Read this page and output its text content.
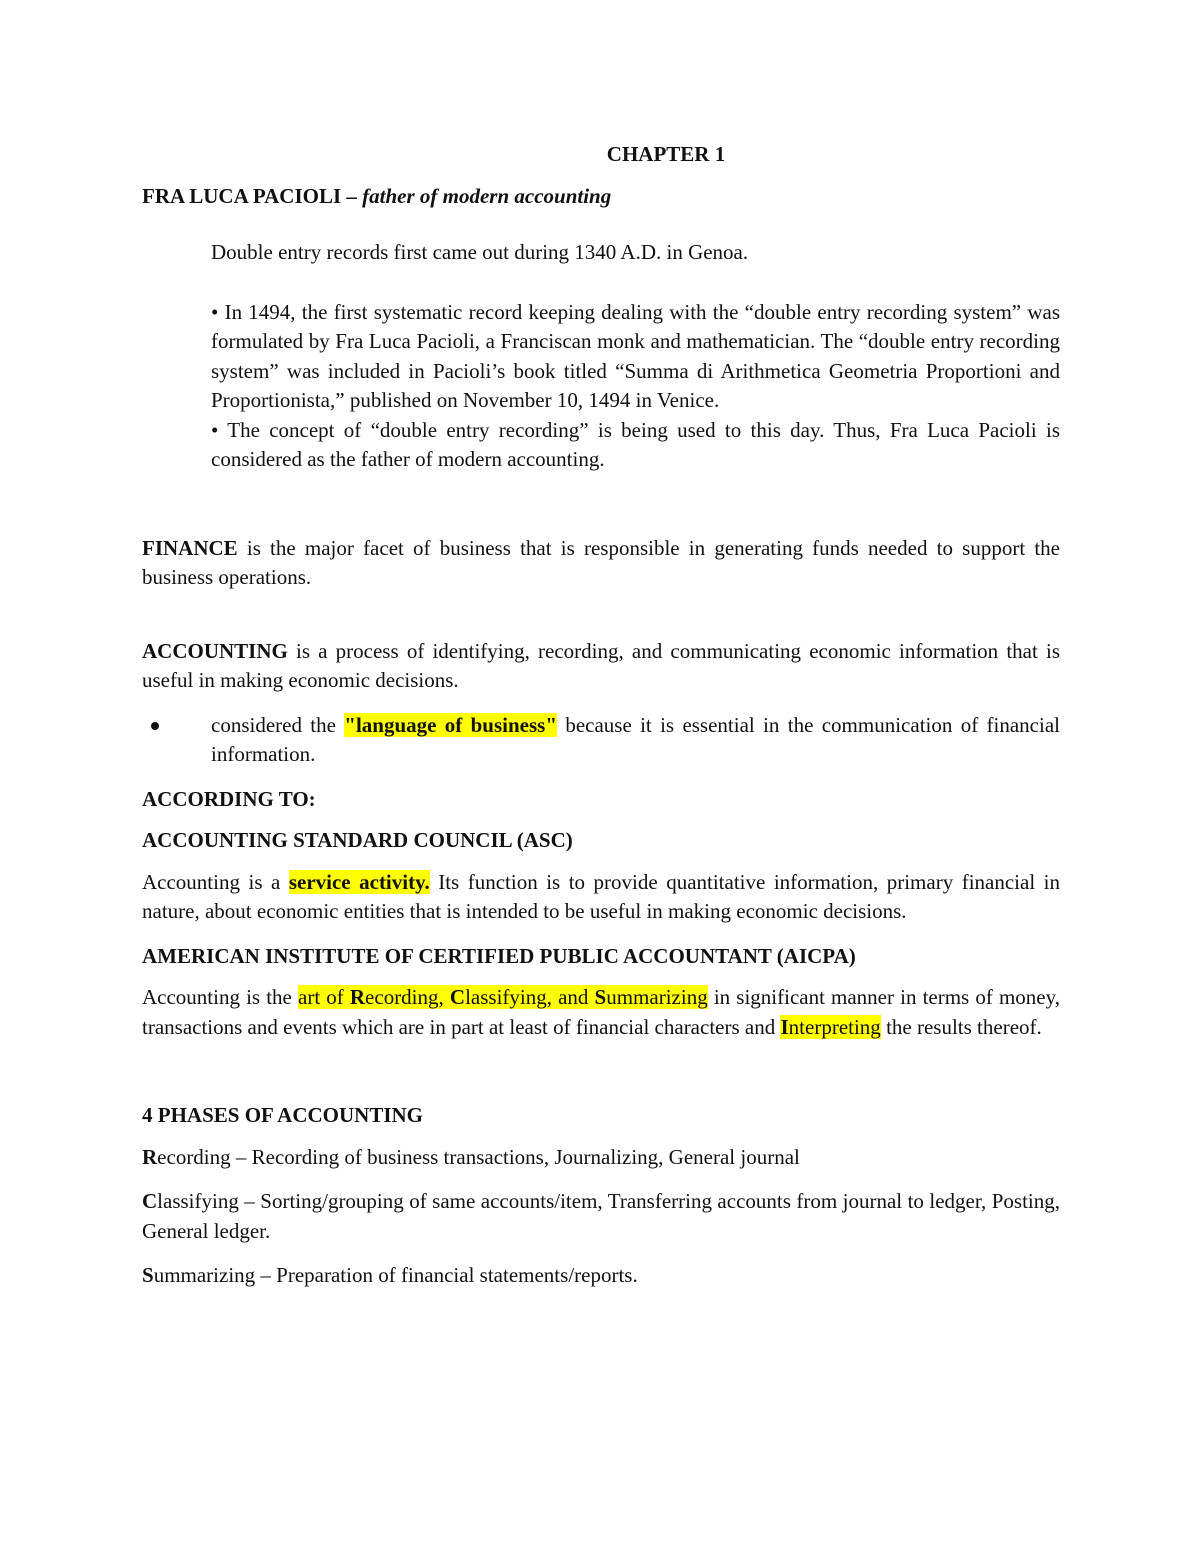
CHAPTER 1

FRA LUCA PACIOLI – father of modern accounting

Double entry records first came out during 1340 A.D. in Genoa.

• In 1494, the first systematic record keeping dealing with the “double entry recording system” was formulated by Fra Luca Pacioli, a Franciscan monk and mathematician. The “double entry recording system” was included in Pacioli’s book titled “Summa di Arithmetica Geometria Proportioni and Proportionista,” published on November 10, 1494 in Venice.

• The concept of “double entry recording” is being used to this day. Thus, Fra Luca Pacioli is considered as the father of modern accounting.

FINANCE is the major facet of business that is responsible in generating funds needed to support the business operations.

ACCOUNTING is a process of identifying, recording, and communicating economic information that is useful in making economic decisions.

considered the "language of business" because it is essential in the communication of financial information.

ACCORDING TO:

ACCOUNTING STANDARD COUNCIL (ASC)

Accounting is a service activity. Its function is to provide quantitative information, primary financial in nature, about economic entities that is intended to be useful in making economic decisions.

AMERICAN INSTITUTE OF CERTIFIED PUBLIC ACCOUNTANT (AICPA)

Accounting is the art of Recording, Classifying, and Summarizing in significant manner in terms of money, transactions and events which are in part at least of financial characters and Interpreting the results thereof.

4 PHASES OF ACCOUNTING

Recording – Recording of business transactions, Journalizing, General journal

Classifying – Sorting/grouping of same accounts/item, Transferring accounts from journal to ledger, Posting, General ledger.

Summarizing – Preparation of financial statements/reports.
